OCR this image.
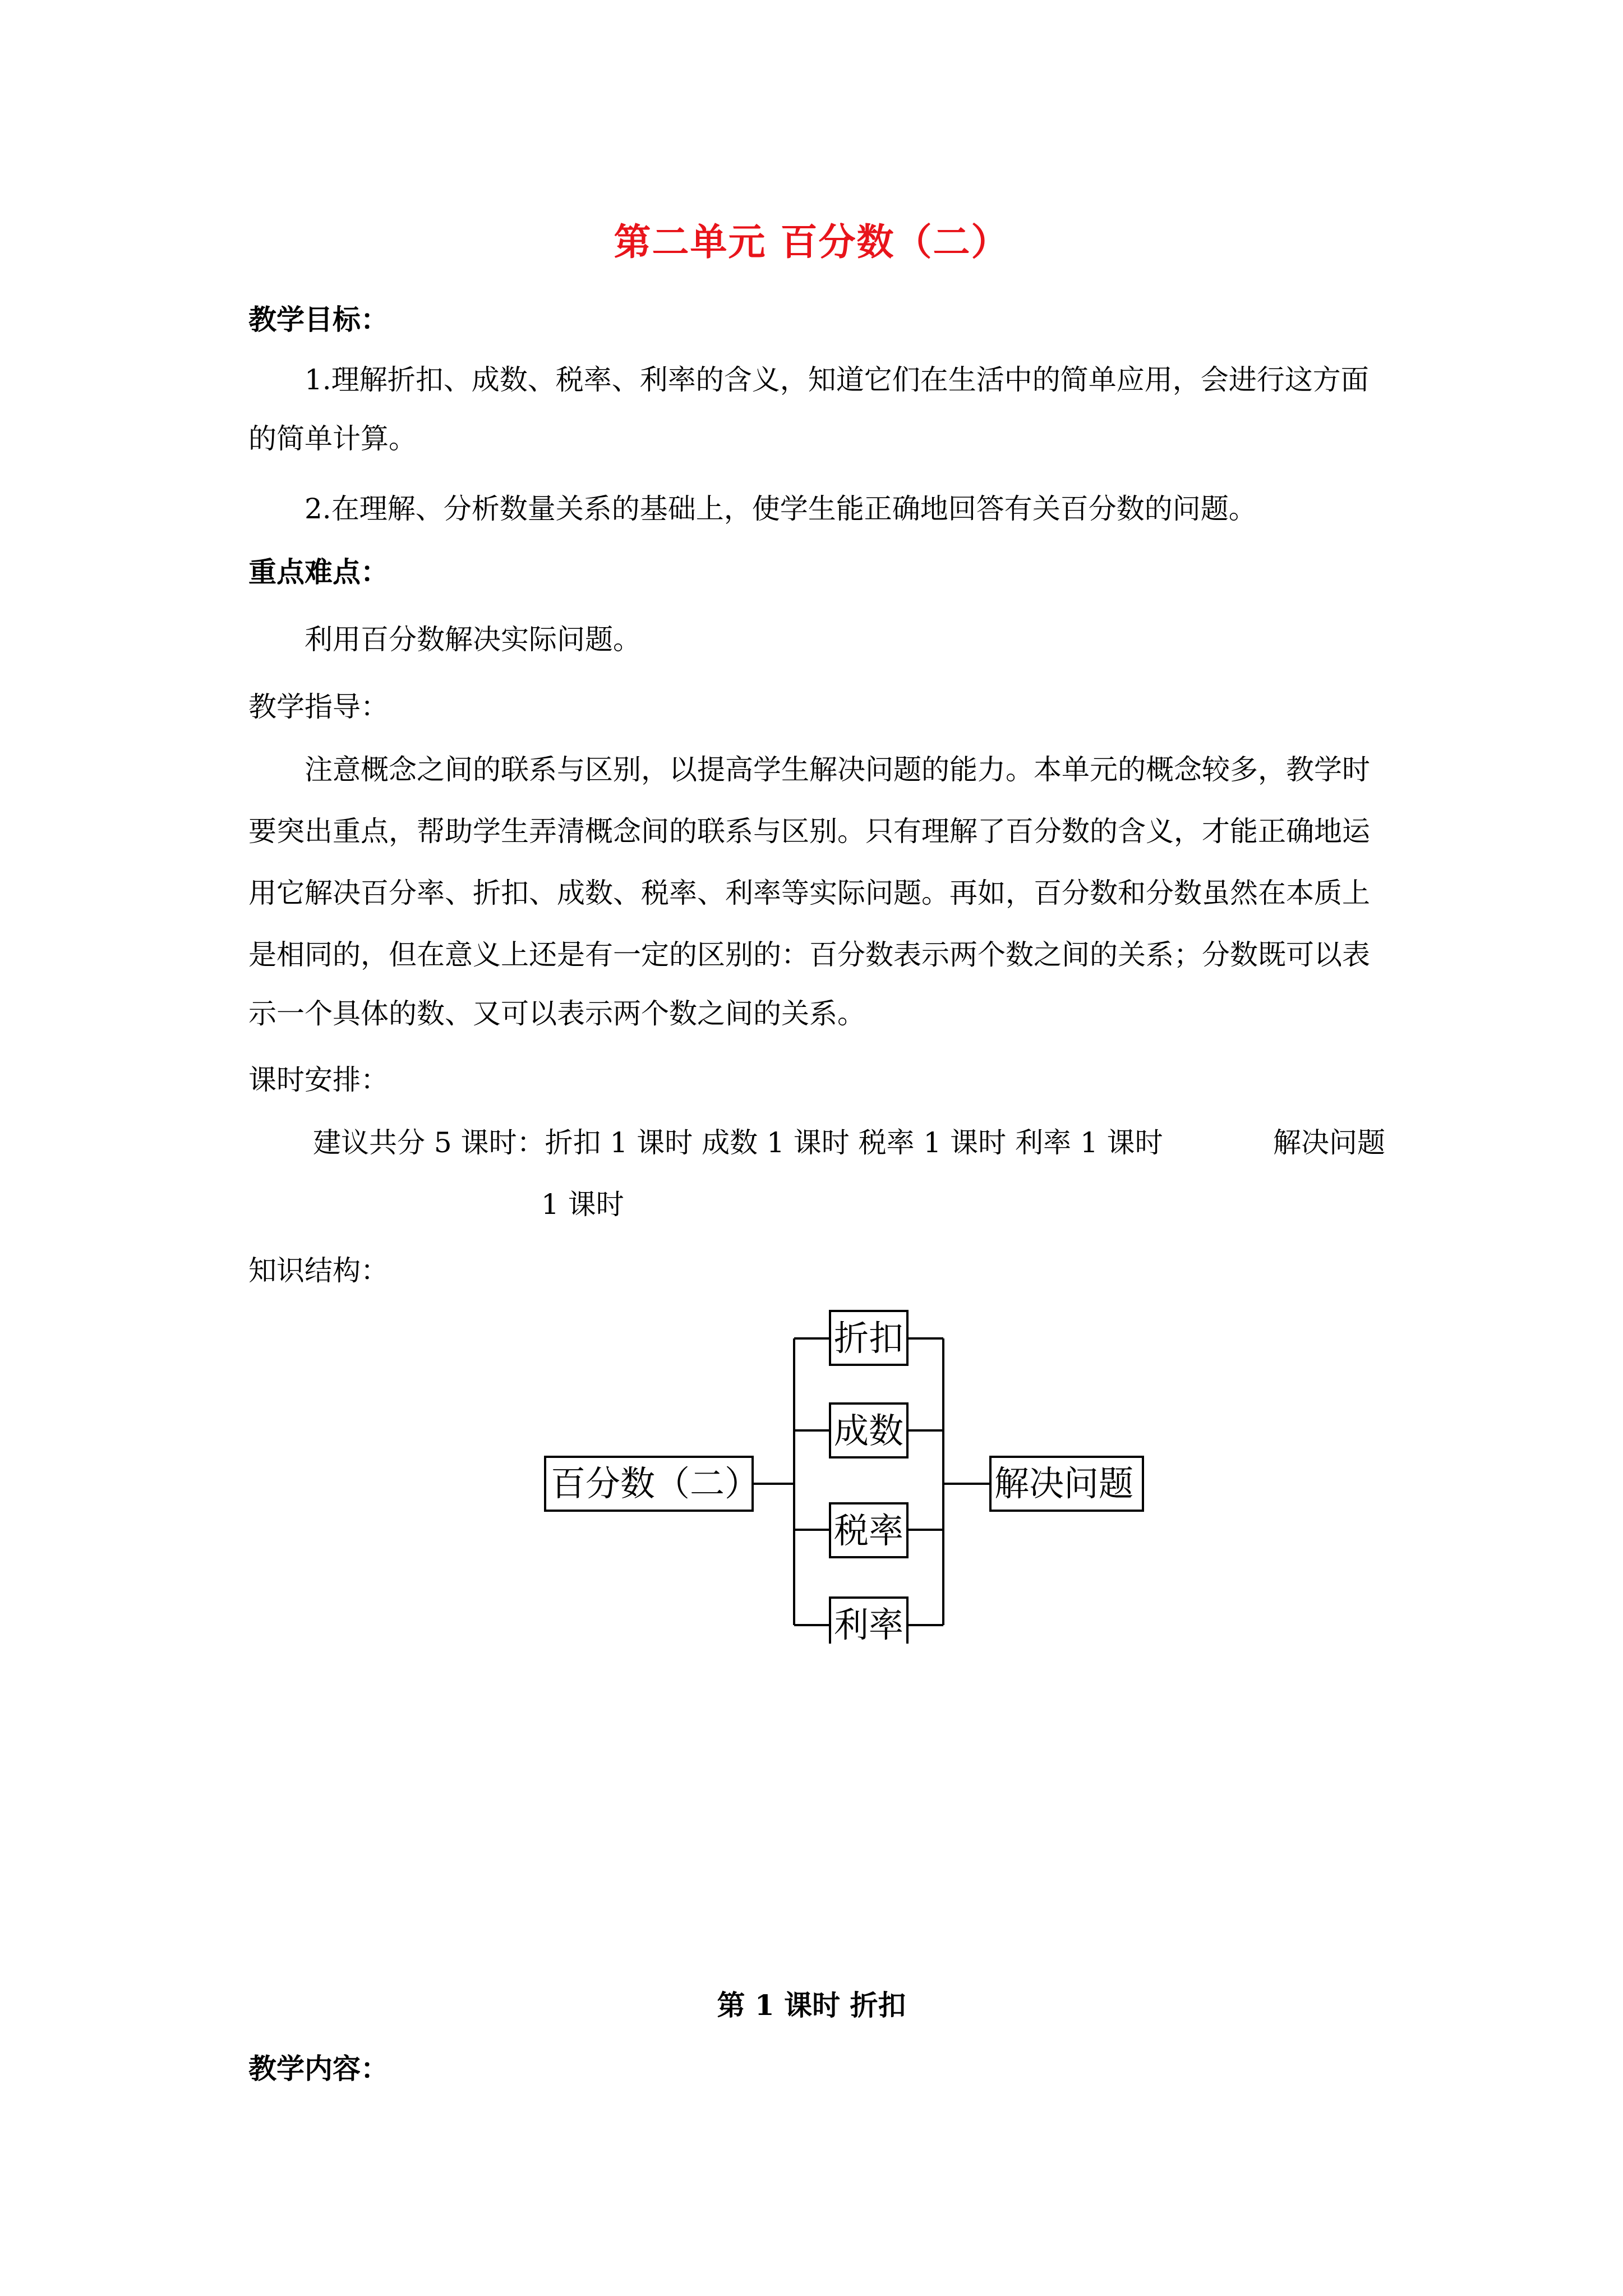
第二单元 百分数（二）
教学目标：
1.理解折扣、成数、税率、利率的含义，知道它们在生活中的简单应用，会进行这方面
的简单计算。
2.在理解、分析数量关系的基础上，使学生能正确地回答有关百分数的问题。
重点难点：
利用百分数解决实际问题。
教学指导：
注意概念之间的联系与区别，以提高学生解决问题的能力。本单元的概念较多，教学时
要突出重点，帮助学生弄清概念间的联系与区别。只有理解了百分数的含义，才能正确地运
用它解决百分率、折扣、成数、税率、利率等实际问题。再如，百分数和分数虽然在本质上
是相同的，但在意义上还是有一定的区别的：百分数表示两个数之间的关系；分数既可以表
示一个具体的数、又可以表示两个数之间的关系。
课时安排：
建议共分 5 课时：折扣 1 课时 成数 1 课时 税率 1 课时 利率 1 课时	解决问题
1 课时
知识结构：
百分数（二）
折扣
成数
税率
利率
解决问题
第 1 课时 折扣
教学内容：
